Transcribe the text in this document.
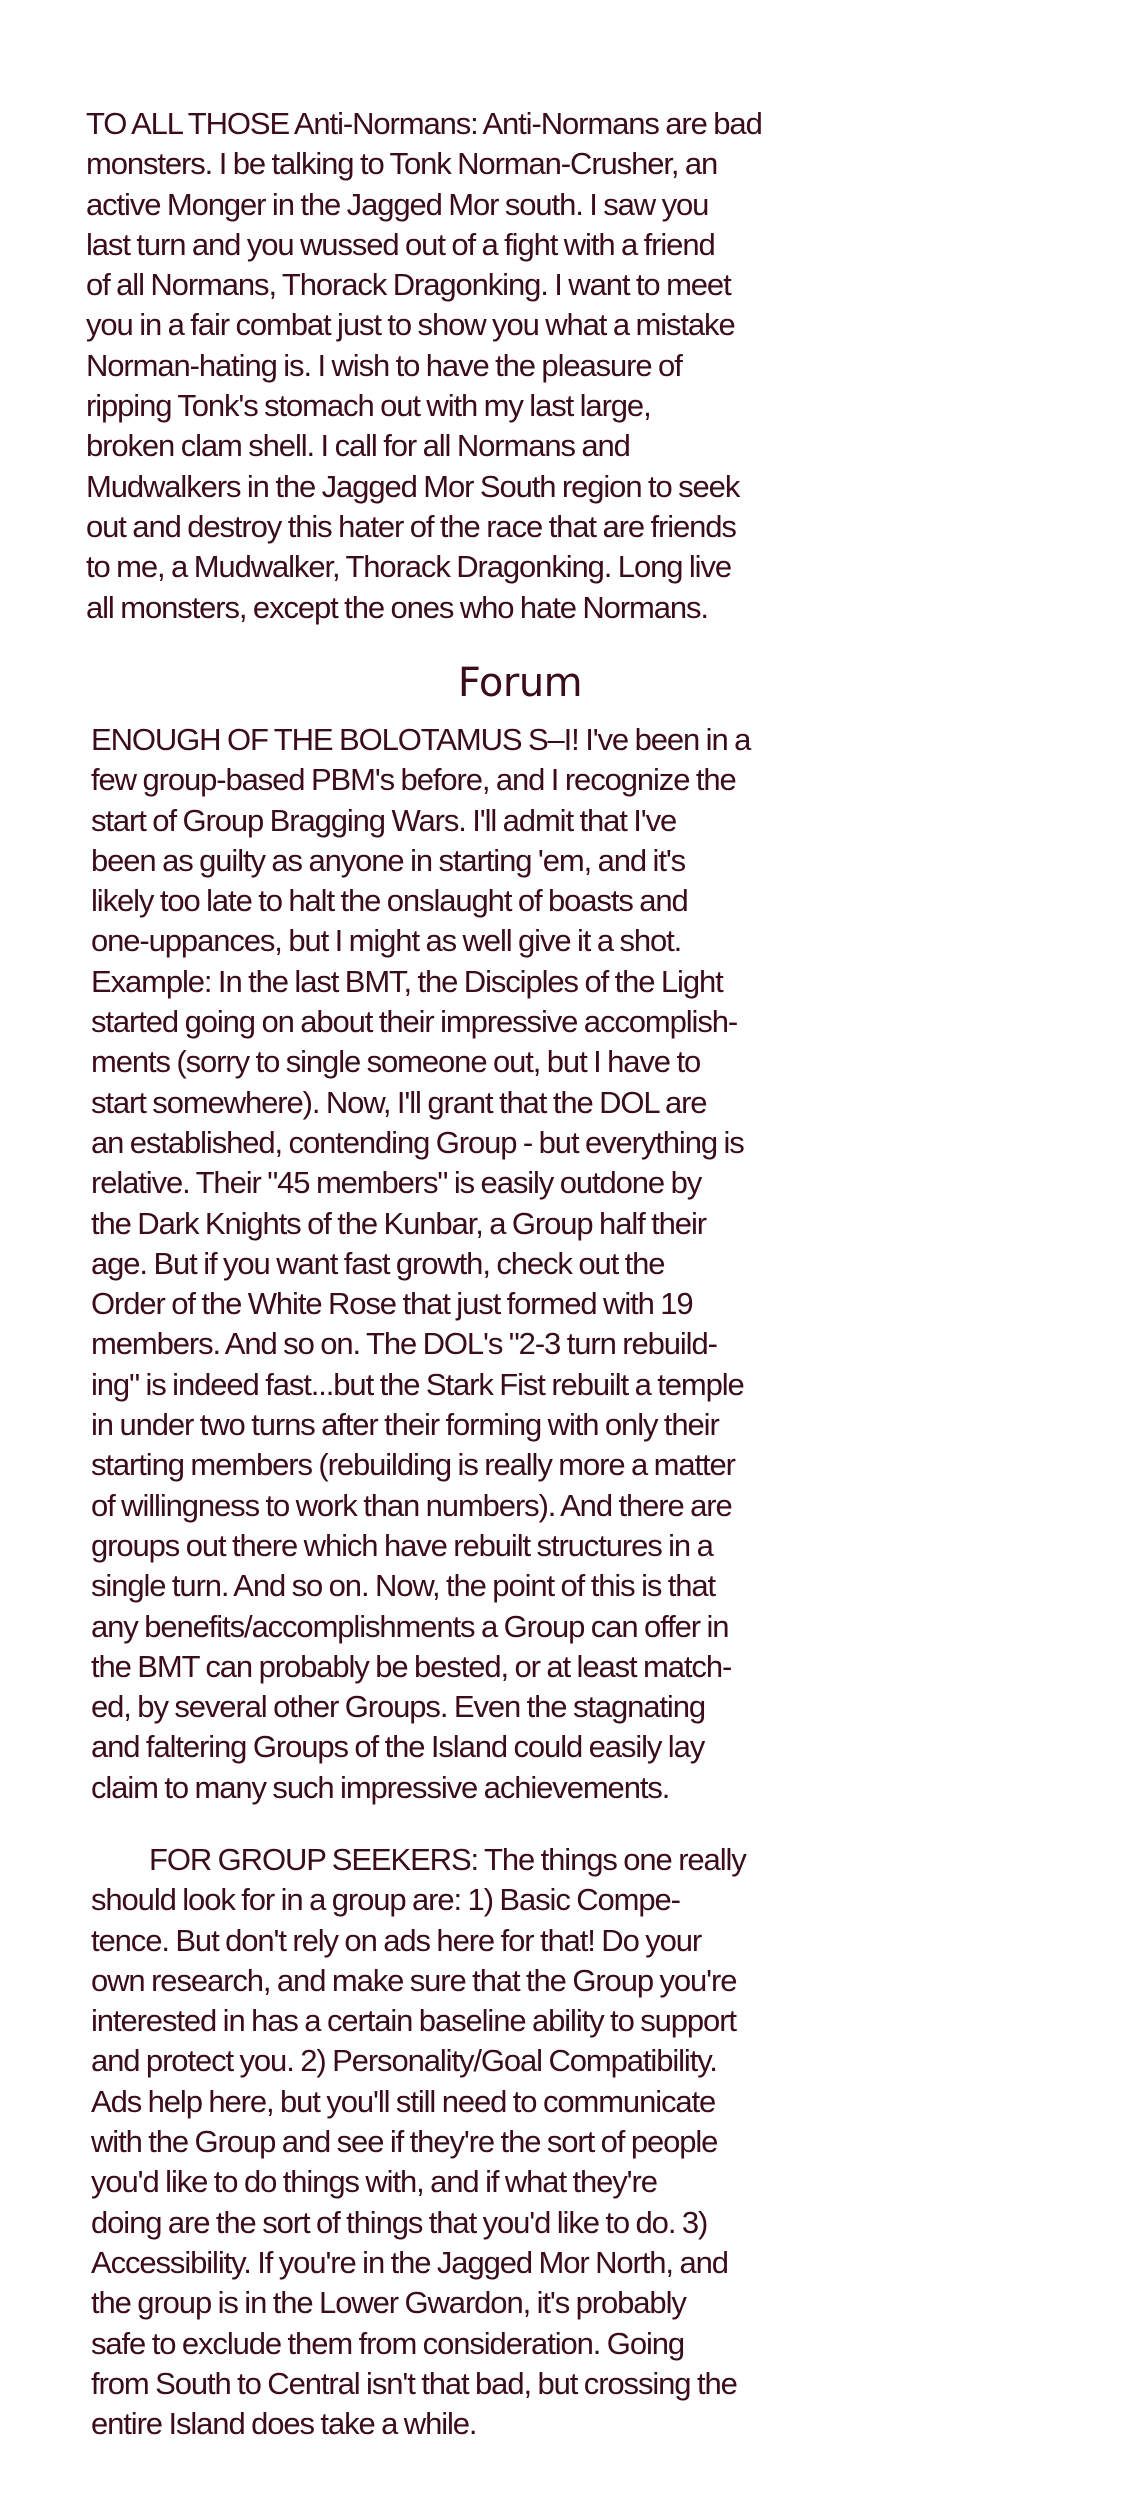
TO ALL THOSE Anti-Normans: Anti-Normans are bad
monsters. I be talking to Tonk Norman-Crusher, an
active Monger in the Jagged Mor south. I saw you
last turn and you wussed out of a fight with a friend
of all Normans, Thorack Dragonking. I want to meet
you in a fair combat just to show you what a mistake
Norman-hating is. I wish to have the pleasure of
ripping Tonk's stomach out with my last large,
broken clam shell. I call for all Normans and
Mudwalkers in the Jagged Mor South region to seek
out and destroy this hater of the race that are friends
to me, a Mudwalker, Thorack Dragonking. Long live
all monsters, except the ones who hate Normans.
Forum
ENOUGH OF THE BOLOTAMUS S–I! I've been in a
few group-based PBM's before, and I recognize the
start of Group Bragging Wars. I'll admit that I've
been as guilty as anyone in starting 'em, and it's
likely too late to halt the onslaught of boasts and
one-uppances, but I might as well give it a shot.
Example: In the last BMT, the Disciples of the Light
started going on about their impressive accomplish-
ments (sorry to single someone out, but I have to
start somewhere). Now, I'll grant that the DOL are
an established, contending Group - but everything is
relative. Their "45 members" is easily outdone by
the Dark Knights of the Kunbar, a Group half their
age. But if you want fast growth, check out the
Order of the White Rose that just formed with 19
members. And so on. The DOL's "2-3 turn rebuild-
ing" is indeed fast...but the Stark Fist rebuilt a temple
in under two turns after their forming with only their
starting members (rebuilding is really more a matter
of willingness to work than numbers). And there are
groups out there which have rebuilt structures in a
single turn. And so on. Now, the point of this is that
any benefits/accomplishments a Group can offer in
the BMT can probably be bested, or at least match-
ed, by several other Groups. Even the stagnating
and faltering Groups of the Island could easily lay
claim to many such impressive achievements.
FOR GROUP SEEKERS: The things one really
should look for in a group are: 1) Basic Compe-
tence. But don't rely on ads here for that! Do your
own research, and make sure that the Group you're
interested in has a certain baseline ability to support
and protect you. 2) Personality/Goal Compatibility.
Ads help here, but you'll still need to communicate
with the Group and see if they're the sort of people
you'd like to do things with, and if what they're
doing are the sort of things that you'd like to do. 3)
Accessibility. If you're in the Jagged Mor North, and
the group is in the Lower Gwardon, it's probably
safe to exclude them from consideration. Going
from South to Central isn't that bad, but crossing the
entire Island does take a while.
